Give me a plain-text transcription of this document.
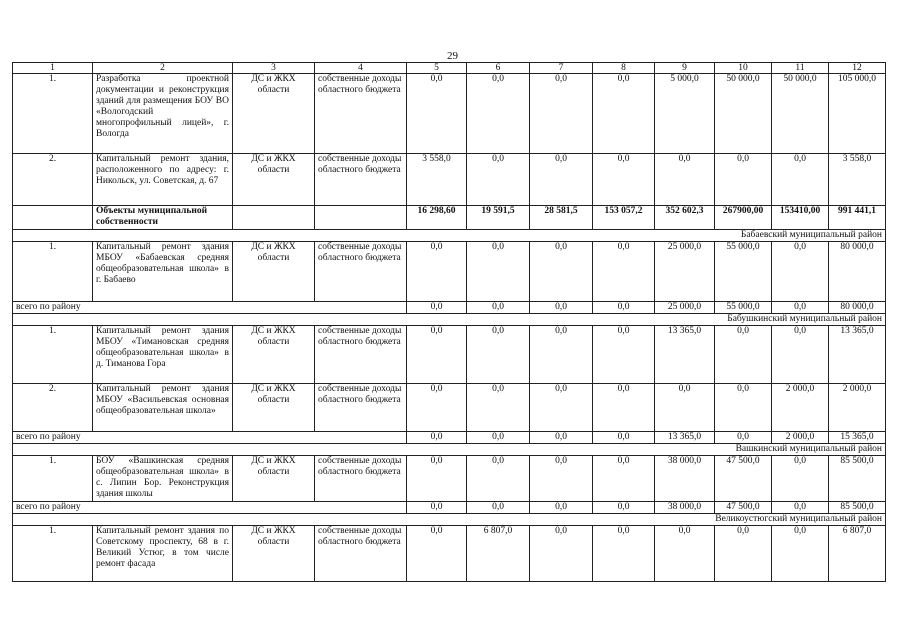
29
1	2	3	4	5	6	7	8	9	10	11	12
1.	Разработка проектной документации и реконструкция зданий для размещения БОУ ВО «Вологодский многопрофильный лицей», г. Вологда	ДС и ЖКХ области	собственные доходы областного бюджета	0,0	0,0	0,0	0,0	5 000,0	50 000,0	50 000,0	105 000,0
2.	Капитальный ремонт здания, расположенного по адресу: г. Никольск, ул. Советская, д. 67	ДС и ЖКХ области	собственные доходы областного бюджета	3 558,0	0,0	0,0	0,0	0,0	0,0	0,0	3 558,0
	Объекты муниципальной собственности			16 298,60	19 591,5	28 581,5	153 057,2	352 602,3	267900,00	153410,00	991 441,1
Бабаевский муниципальный район											
1.	Капитальный ремонт здания МБОУ «Бабаевская средняя общеобразовательная школа» в г. Бабаево	ДС и ЖКХ области	собственные доходы областного бюджета	0,0	0,0	0,0	0,0	25 000,0	55 000,0	0,0	80 000,0
всего по району				0,0	0,0	0,0	0,0	25 000,0	55 000,0	0,0	80 000,0
Бабушкинский муниципальный район											
1.	Капитальный ремонт здания МБОУ «Тимановская средняя общеобразовательная школа» в д. Тиманова Гора	ДС и ЖКХ области	собственные доходы областного бюджета	0,0	0,0	0,0	0,0	13 365,0	0,0	0,0	13 365,0
2.	Капитальный ремонт здания МБОУ «Васильевская основная общеобразовательная школа»	ДС и ЖКХ области	собственные доходы областного бюджета	0,0	0,0	0,0	0,0	0,0	0,0	2 000,0	2 000,0
всего по району				0,0	0,0	0,0	0,0	13 365,0	0,0	2 000,0	15 365,0
Вашкинский муниципальный район											
1.	БОУ «Вашкинская средняя общеобразовательная школа» в с. Липин Бор. Реконструкция здания школы	ДС и ЖКХ области	собственные доходы областного бюджета	0,0	0,0	0,0	0,0	38 000,0	47 500,0	0,0	85 500,0
всего по району				0,0	0,0	0,0	0,0	38 000,0	47 500,0	0,0	85 500,0
Великоустюгский муниципальный район											
1.	Капитальный ремонт здания по Советскому проспекту, 68 в г. Великий Устюг, в том числе ремонт фасада	ДС и ЖКХ области	собственные доходы областного бюджета	0,0	6 807,0	0,0	0,0	0,0	0,0	0,0	6 807,0
